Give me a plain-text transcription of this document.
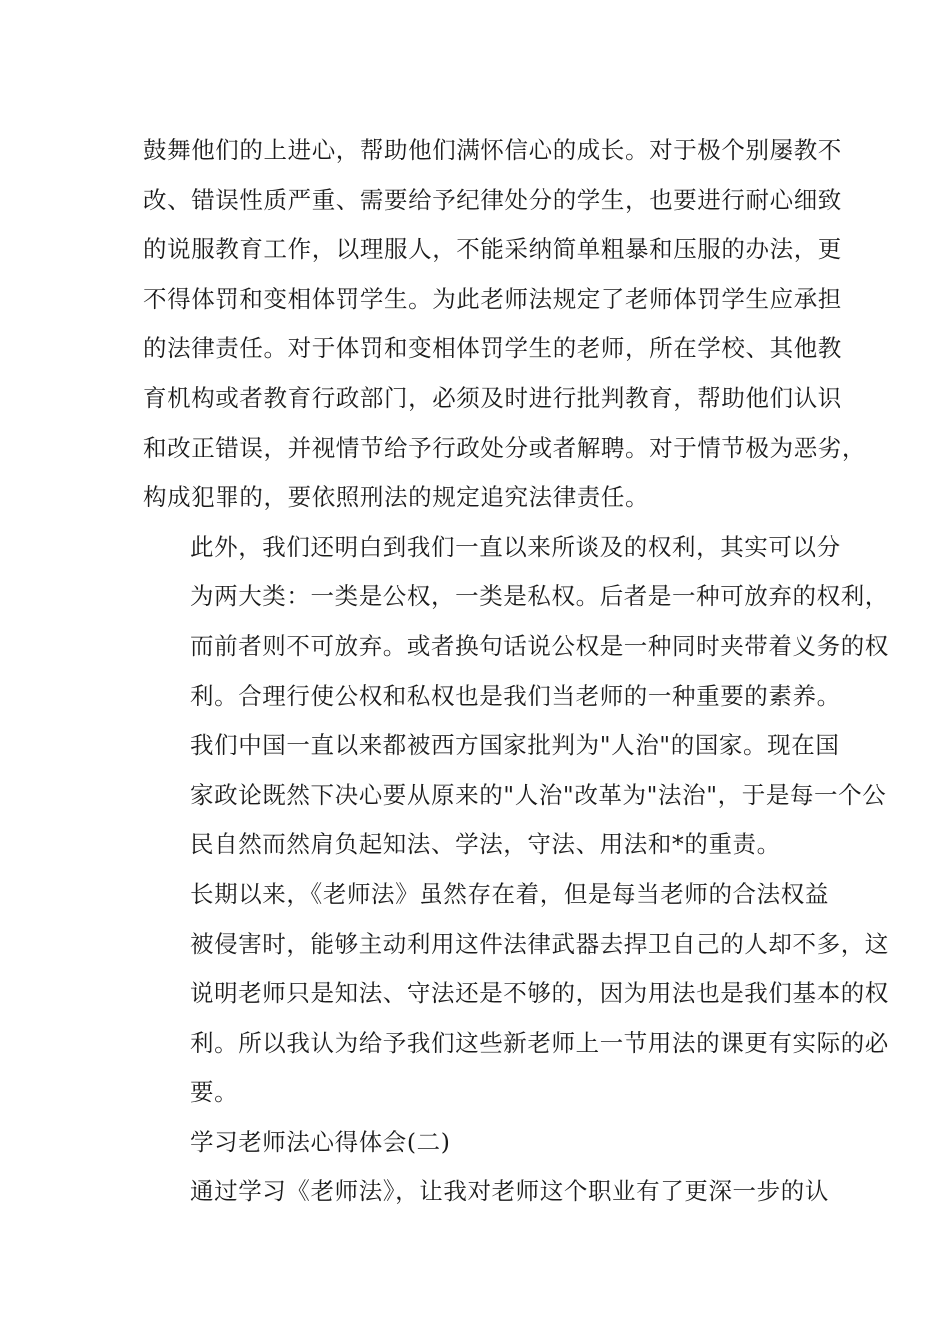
鼓舞他们的上进心，帮助他们满怀信心的成长。对于极个别屡教不
改、错误性质严重、需要给予纪律处分的学生，也要进行耐心细致
的说服教育工作，以理服人，不能采纳简单粗暴和压服的办法，更
不得体罚和变相体罚学生。为此老师法规定了老师体罚学生应承担
的法律责任。对于体罚和变相体罚学生的老师，所在学校、其他教
育机构或者教育行政部门，必须及时进行批判教育，帮助他们认识
和改正错误，并视情节给予行政处分或者解聘。对于情节极为恶劣，
构成犯罪的，要依照刑法的规定追究法律责任。

此外，我们还明白到我们一直以来所谈及的权利，其实可以分
为两大类：一类是公权，一类是私权。后者是一种可放弃的权利，
而前者则不可放弃。或者换句话说公权是一种同时夹带着义务的权
利。合理行使公权和私权也是我们当老师的一种重要的素养。

我们中国一直以来都被西方国家批判为"人治"的国家。现在国
家政论既然下决心要从原来的"人治"改革为"法治"，于是每一个公
民自然而然肩负起知法、学法，守法、用法和*的重责。

长期以来，《老师法》虽然存在着，但是每当老师的合法权益
被侵害时，能够主动利用这件法律武器去捍卫自己的人却不多，这
说明老师只是知法、守法还是不够的，因为用法也是我们基本的权
利。所以我认为给予我们这些新老师上一节用法的课更有实际的必
要。

学习老师法心得体会(二)

通过学习《老师法》，让我对老师这个职业有了更深一步的认
